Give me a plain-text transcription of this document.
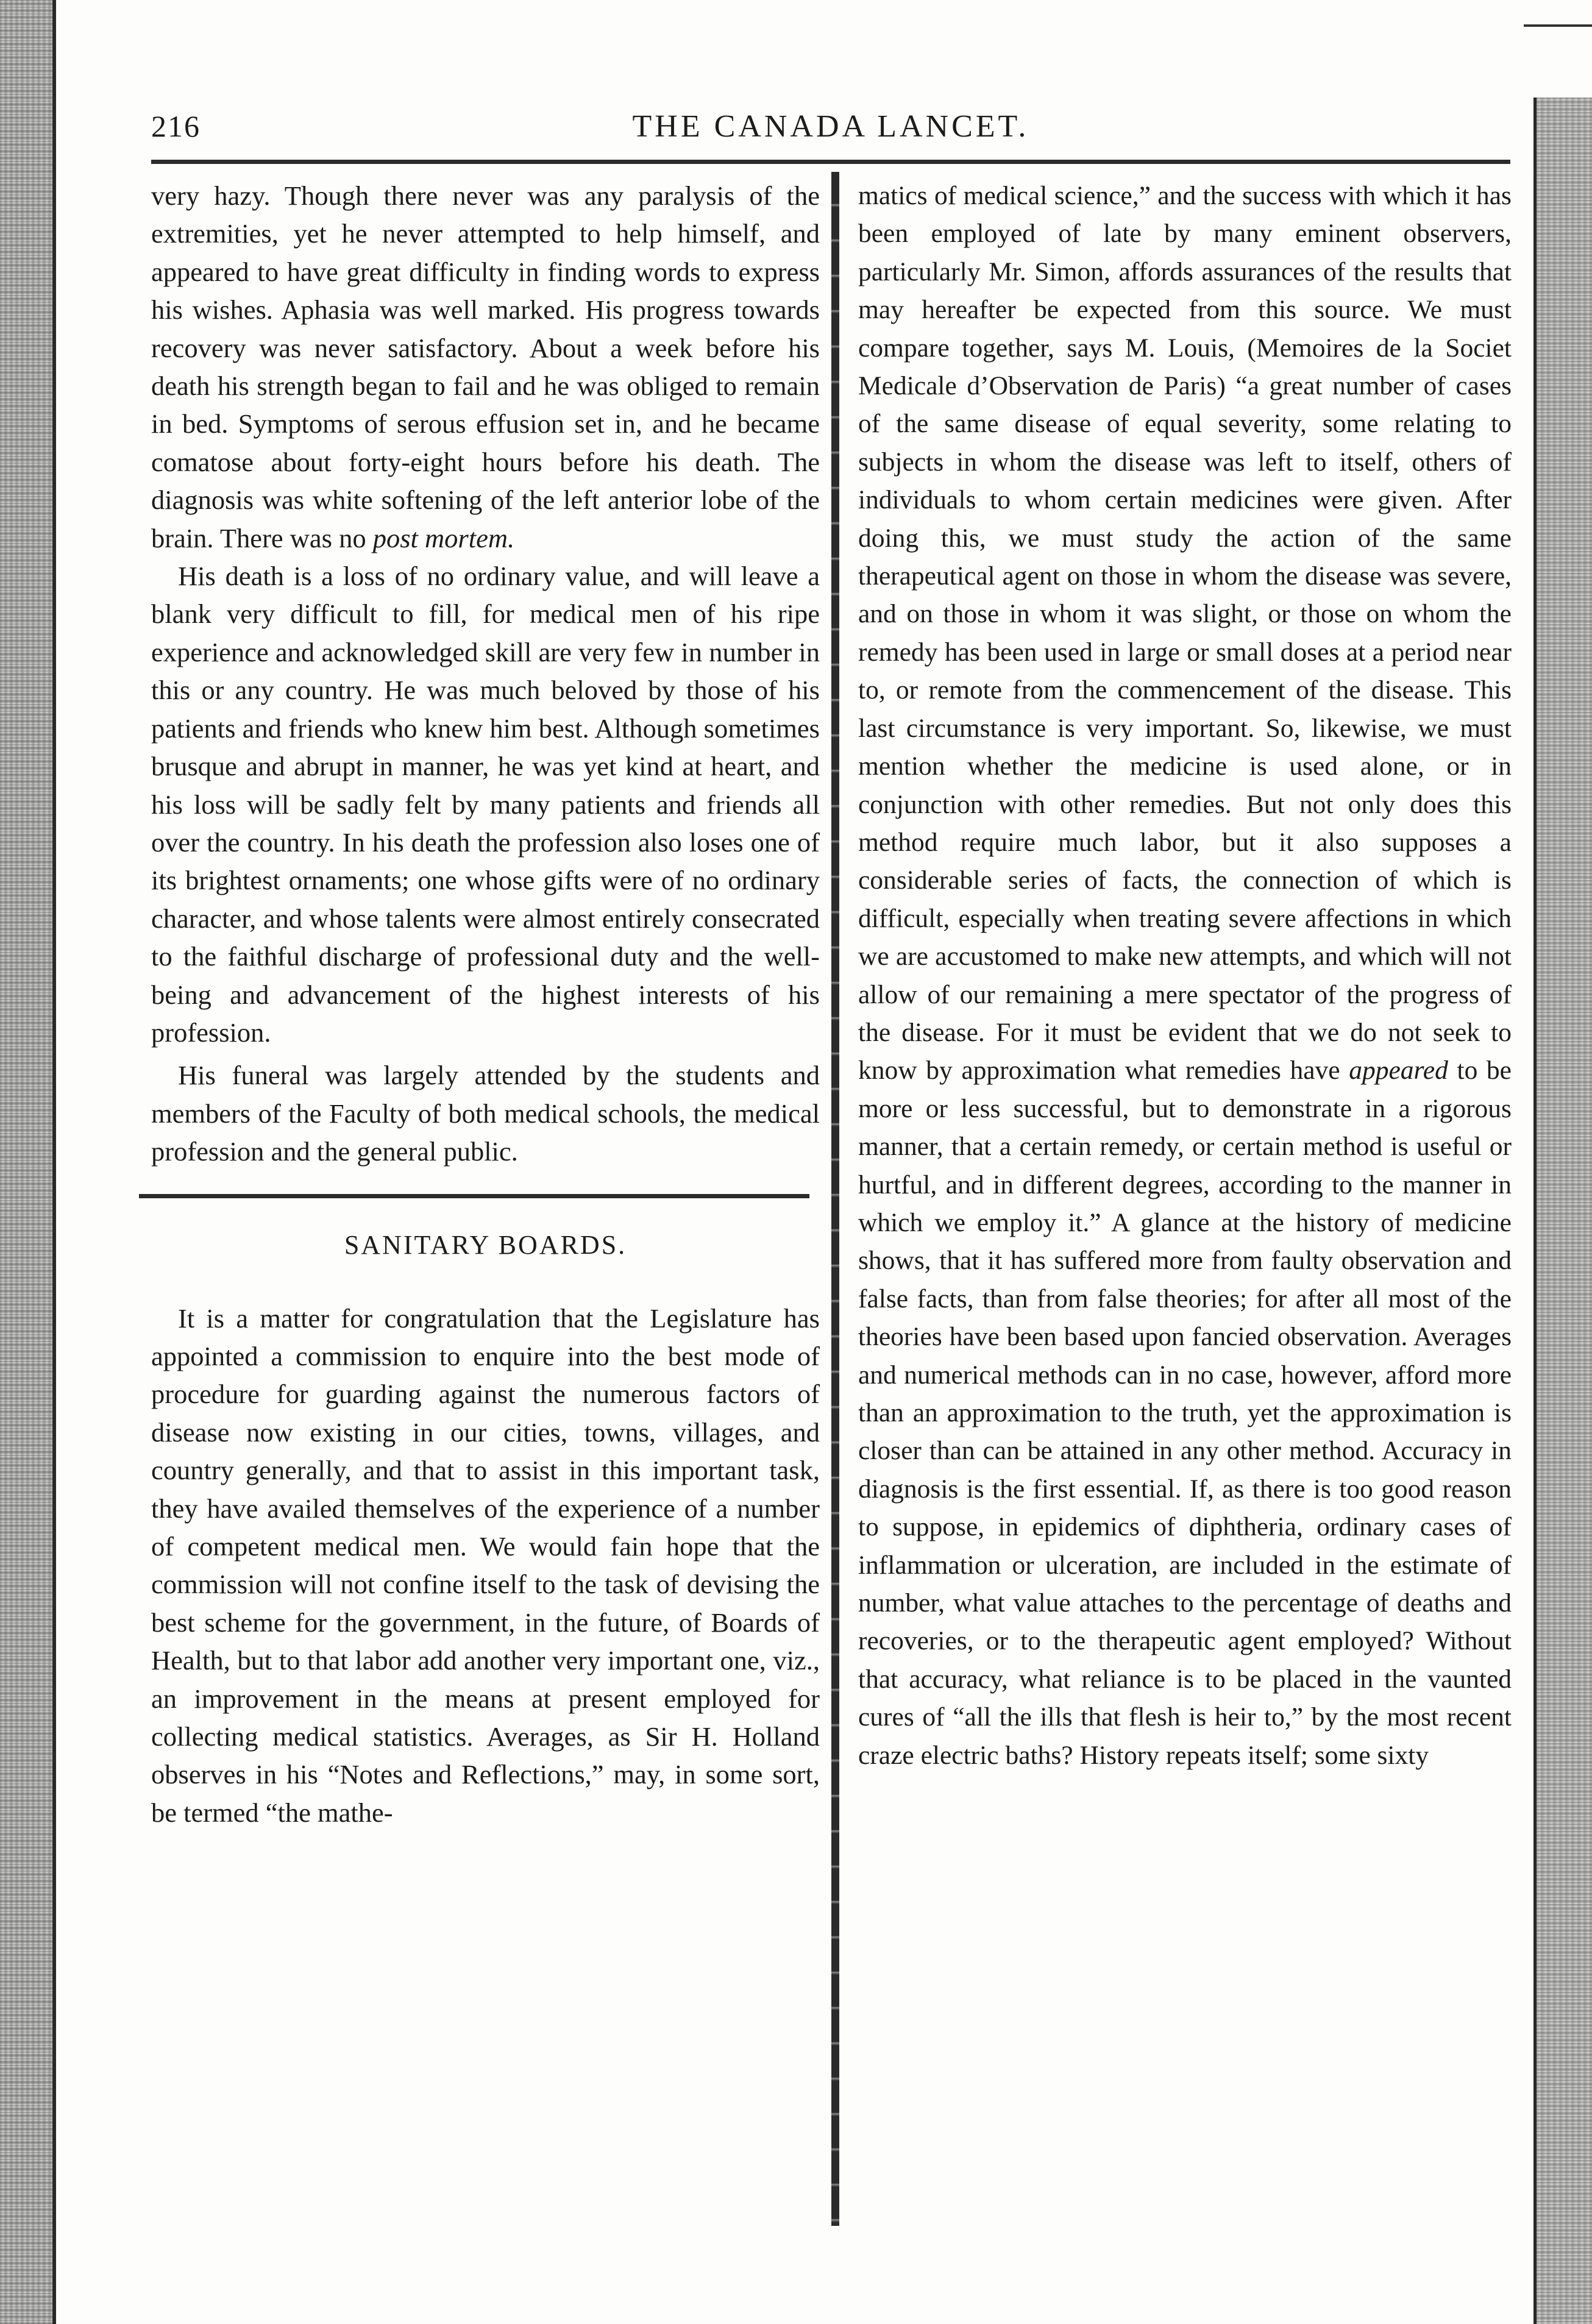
216	THE CANADA LANCET.

very hazy. Though there never was any paralysis of the extremities, yet he never attempted to help himself, and appeared to have great difficulty in finding words to express his wishes. Aphasia was well marked. His progress towards recovery was never satisfactory. About a week before his death his strength began to fail and he was obliged to remain in bed. Symptoms of serous effusion set in, and he became comatose about forty-eight hours before his death. The diagnosis was white softening of the left anterior lobe of the brain. There was no post mortem.

His death is a loss of no ordinary value, and will leave a blank very difficult to fill, for medical men of his ripe experience and acknowledged skill are very few in number in this or any country. He was much beloved by those of his patients and friends who knew him best. Although sometimes brusque and abrupt in manner, he was yet kind at heart, and his loss will be sadly felt by many patients and friends all over the country. In his death the profession also loses one of its brightest ornaments; one whose gifts were of no ordinary character, and whose talents were almost entirely consecrated to the faithful discharge of professional duty and the well-being and advancement of the highest interests of his profession.

His funeral was largely attended by the students and members of the Faculty of both medical schools, the medical profession and the general public.

SANITARY BOARDS.

It is a matter for congratulation that the Legislature has appointed a commission to enquire into the best mode of procedure for guarding against the numerous factors of disease now existing in our cities, towns, villages, and country generally, and that to assist in this important task, they have availed themselves of the experience of a number of competent medical men. We would fain hope that the commission will not confine itself to the task of devising the best scheme for the government, in the future, of Boards of Health, but to that labor add another very important one, viz., an improvement in the means at present employed for collecting medical statistics. Averages, as Sir H. Holland observes in his “Notes and Reflections,” may, in some sort, be termed “the mathe-

matics of medical science,” and the success with which it has been employed of late by many eminent observers, particularly Mr. Simon, affords assurances of the results that may hereafter be expected from this source. We must compare together, says M. Louis, (Memoires de la Societ Medicale d’Observation de Paris) “a great number of cases of the same disease of equal severity, some relating to subjects in whom the disease was left to itself, others of individuals to whom certain medicines were given. After doing this, we must study the action of the same therapeutical agent on those in whom the disease was severe, and on those in whom it was slight, or those on whom the remedy has been used in large or small doses at a period near to, or remote from the commencement of the disease. This last circumstance is very important. So, likewise, we must mention whether the medicine is used alone, or in conjunction with other remedies. But not only does this method require much labor, but it also supposes a considerable series of facts, the connection of which is difficult, especially when treating severe affections in which we are accustomed to make new attempts, and which will not allow of our remaining a mere spectator of the progress of the disease. For it must be evident that we do not seek to know by approximation what remedies have appeared to be more or less successful, but to demonstrate in a rigorous manner, that a certain remedy, or certain method is useful or hurtful, and in different degrees, according to the manner in which we employ it.” A glance at the history of medicine shows, that it has suffered more from faulty observation and false facts, than from false theories; for after all most of the theories have been based upon fancied observation. Averages and numerical methods can in no case, however, afford more than an approximation to the truth, yet the approximation is closer than can be attained in any other method. Accuracy in diagnosis is the first essential. If, as there is too good reason to suppose, in epidemics of diphtheria, ordinary cases of inflammation or ulceration, are included in the estimate of number, what value attaches to the percentage of deaths and recoveries, or to the therapeutic agent employed? Without that accuracy, what reliance is to be placed in the vaunted cures of “all the ills that flesh is heir to,” by the most recent craze electric baths? History repeats itself; some sixty
